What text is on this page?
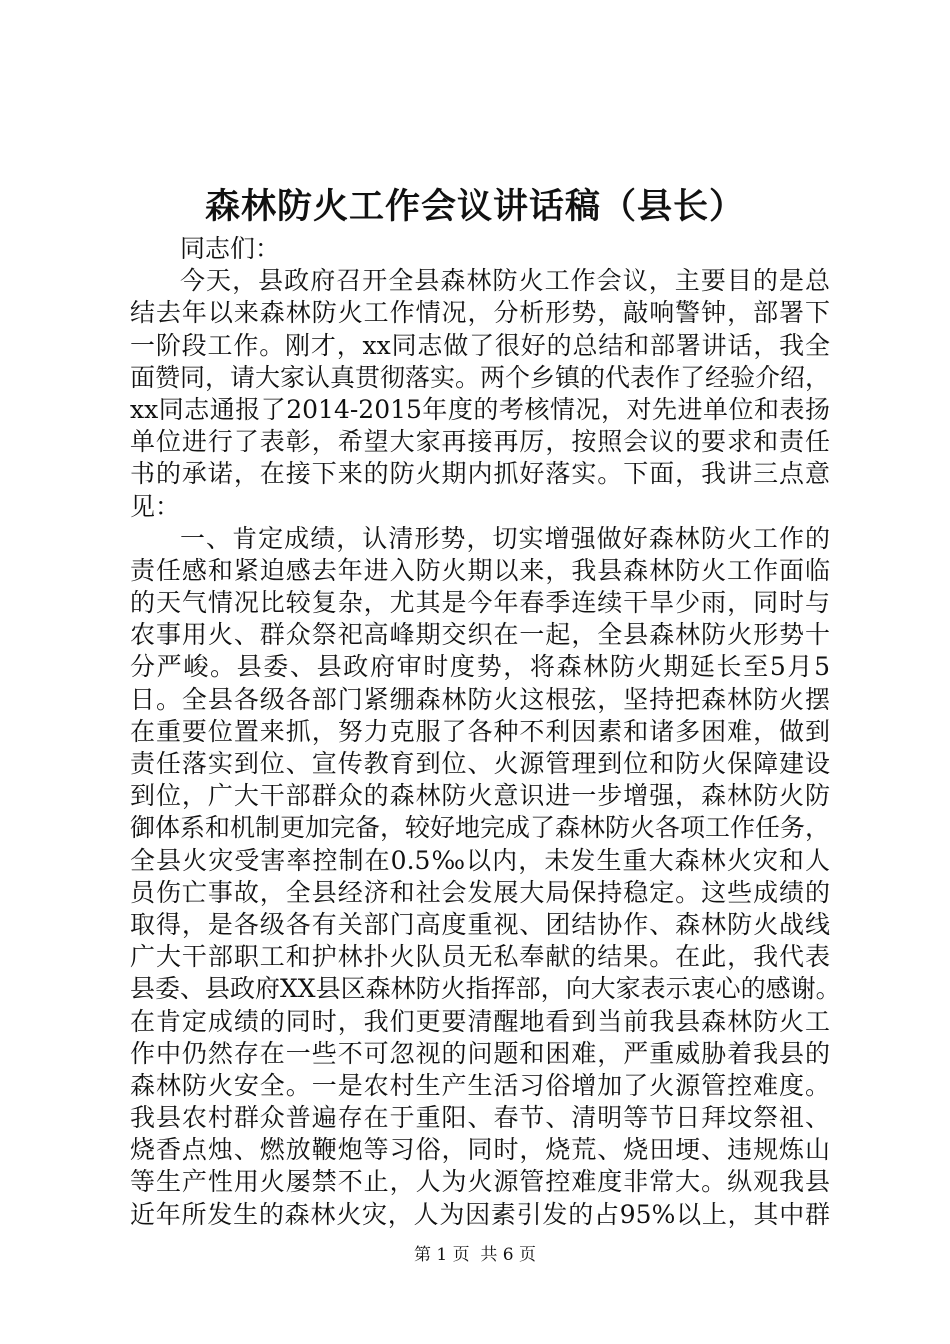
森林防火工作会议讲话稿（县长）
同志们：
今天，县政府召开全县森林防火工作会议，主要目的是总
结去年以来森林防火工作情况，分析形势，敲响警钟，部署下
一阶段工作。刚才，xx同志做了很好的总结和部署讲话，我全
面赞同，请大家认真贯彻落实。两个乡镇的代表作了经验介绍，
xx同志通报了2014-2015年度的考核情况，对先进单位和表扬
单位进行了表彰，希望大家再接再厉，按照会议的要求和责任
书的承诺，在接下来的防火期内抓好落实。下面，我讲三点意
见：
一、肯定成绩，认清形势，切实增强做好森林防火工作的
责任感和紧迫感去年进入防火期以来，我县森林防火工作面临
的天气情况比较复杂，尤其是今年春季连续干旱少雨，同时与
农事用火、群众祭祀高峰期交织在一起，全县森林防火形势十
分严峻。县委、县政府审时度势，将森林防火期延长至5月5
日。全县各级各部门紧绷森林防火这根弦，坚持把森林防火摆
在重要位置来抓，努力克服了各种不利因素和诸多困难，做到
责任落实到位、宣传教育到位、火源管理到位和防火保障建设
到位，广大干部群众的森林防火意识进一步增强，森林防火防
御体系和机制更加完备，较好地完成了森林防火各项工作任务，
全县火灾受害率控制在0.5‰以内，未发生重大森林火灾和人
员伤亡事故，全县经济和社会发展大局保持稳定。这些成绩的
取得，是各级各有关部门高度重视、团结协作、森林防火战线
广大干部职工和护林扑火队员无私奉献的结果。在此，我代表
县委、县政府XX县区森林防火指挥部，向大家表示衷心的感谢。
在肯定成绩的同时，我们更要清醒地看到当前我县森林防火工
作中仍然存在一些不可忽视的问题和困难，严重威胁着我县的
森林防火安全。一是农村生产生活习俗增加了火源管控难度。
我县农村群众普遍存在于重阳、春节、清明等节日拜坟祭祖、
烧香点烛、燃放鞭炮等习俗，同时，烧荒、烧田埂、违规炼山
等生产性用火屡禁不止，人为火源管控难度非常大。纵观我县
近年所发生的森林火灾，人为因素引发的占95%以上，其中群
第 1 页  共 6 页
